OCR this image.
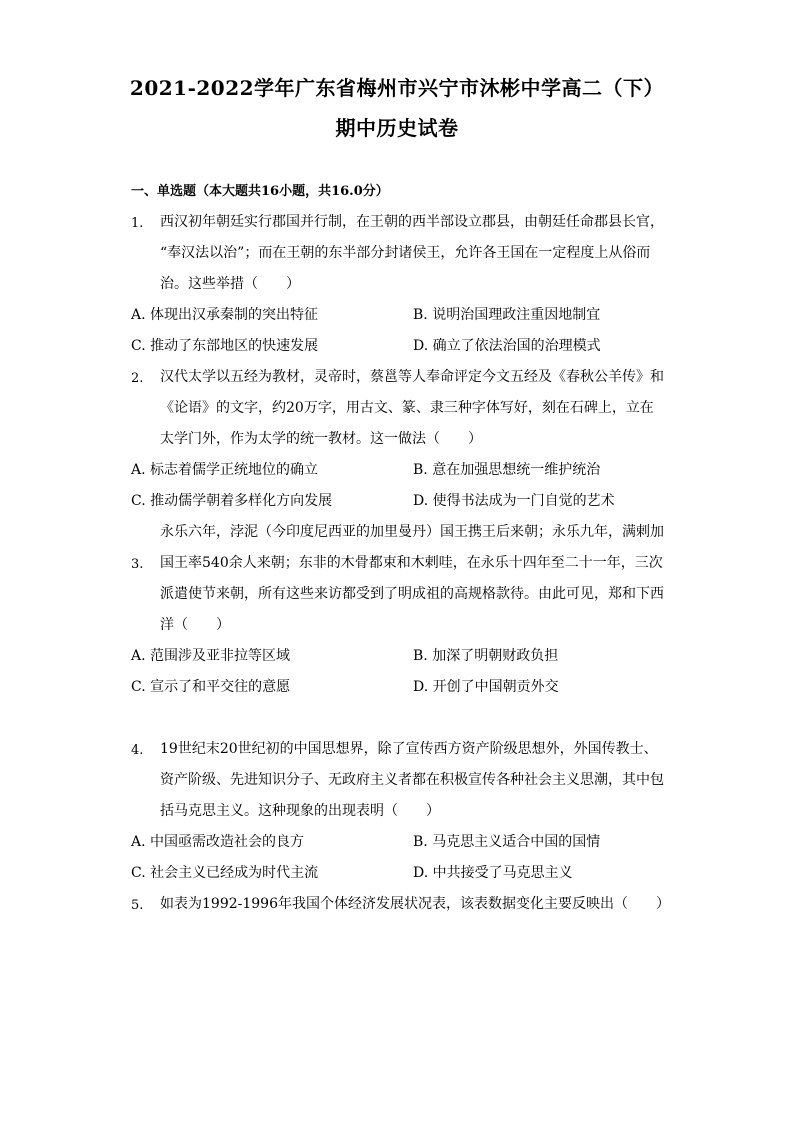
2021-2022学年广东省梅州市兴宁市沐彬中学高二（下）
期中历史试卷
一、单选题（本大题共16小题，共16.0分）
1. 西汉初年朝廷实行郡国并行制，在王朝的西半部设立郡县，由朝廷任命郡县长官，
“奉汉法以治”；而在王朝的东半部分封诸侯王，允许各王国在一定程度上从俗而
治。这些举措（　　）
A. 体现出汉承秦制的突出特征	B. 说明治国理政注重因地制宜
C. 推动了东部地区的快速发展	D. 确立了依法治国的治理模式
2. 汉代太学以五经为教材，灵帝时，蔡邕等人奉命评定今文五经及《春秋公羊传》和
《论语》的文字，约20万字，用古文、篆、隶三种字体写好，刻在石碑上，立在
太学门外，作为太学的统一教材。这一做法（　　）
A. 标志着儒学正统地位的确立	B. 意在加强思想统一维护统治
C. 推动儒学朝着多样化方向发展	D. 使得书法成为一门自觉的艺术
3.
永乐六年，浡泥（今印度尼西亚的加里曼丹）国王携王后来朝；永乐九年，满剌加
国王率540余人来朝；东非的木骨都束和木剌哇，在永乐十四年至二十一年，三次
派遣使节来朝，所有这些来访都受到了明成祖的高规格款待。由此可见，郑和下西
洋（　　）
A. 范围涉及亚非拉等区域	B. 加深了明朝财政负担
C. 宣示了和平交往的意愿	D. 开创了中国朝贡外交
4. 19世纪末20世纪初的中国思想界，除了宣传西方资产阶级思想外，外国传教士、
资产阶级、先进知识分子、无政府主义者都在积极宣传各种社会主义思潮，其中包
括马克思主义。这种现象的出现表明（　　）
A. 中国亟需改造社会的良方	B. 马克思主义适合中国的国情
C. 社会主义已经成为时代主流	D. 中共接受了马克思主义
5. 如表为1992-1996年我国个体经济发展状况表，该表数据变化主要反映出（　　）
